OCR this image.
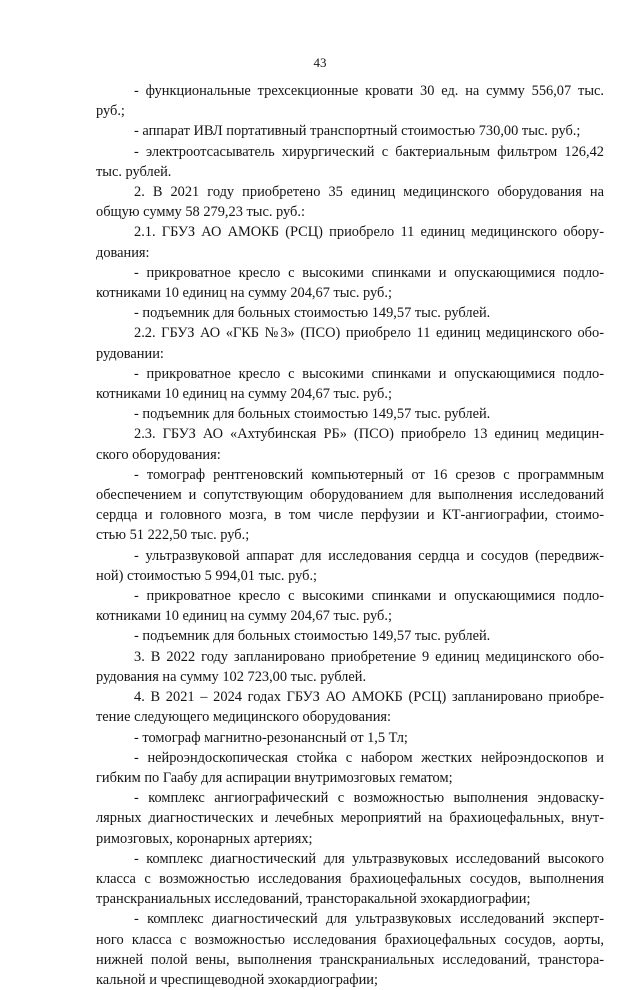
43

- функциональные трехсекционные кровати 30 ед. на сумму 556,07 тыс.
руб.;

- аппарат ИВЛ портативный транспортный стоимостью 730,00 тыс. руб.;

- электроотсасыватель хирургический с бактериальным фильтром 126,42
тыс. рублей.

2. В 2021 году приобретено 35 единиц медицинского оборудования на
общую сумму 58 279,23 тыс. руб.:

2.1. ГБУЗ АО АМОКБ (РСЦ) приобрело 11 единиц медицинского обору-
дования:

- прикроватное кресло с высокими спинками и опускающимися подло-
котниками 10 единиц на сумму 204,67 тыс. руб.;

- подъемник для больных стоимостью 149,57 тыс. рублей.

2.2. ГБУЗ АО «ГКБ №3» (ПСО) приобрело 11 единиц медицинского обо-
рудовании:

- прикроватное кресло с высокими спинками и опускающимися подло-
котниками 10 единиц на сумму 204,67 тыс. руб.;

- подъемник для больных стоимостью 149,57 тыс. рублей.

2.3. ГБУЗ АО «Ахтубинская РБ» (ПСО) приобрело 13 единиц медицин-
ского оборудования:

- томограф рентгеновский компьютерный от 16 срезов с программным
обеспечением и сопутствующим оборудованием для выполнения исследований
сердца и головного мозга, в том числе перфузии и КТ-ангиографии, стоимо-
стью 51 222,50 тыс. руб.;

- ультразвуковой аппарат для исследования сердца и сосудов (передвиж-
ной) стоимостью 5 994,01 тыс. руб.;

- прикроватное кресло с высокими спинками и опускающимися подло-
котниками 10 единиц на сумму 204,67 тыс. руб.;

- подъемник для больных стоимостью 149,57 тыс. рублей.

3. В 2022 году запланировано приобретение 9 единиц медицинского обо-
рудования на сумму 102 723,00 тыс. рублей.

4. В 2021 – 2024 годах ГБУЗ АО АМОКБ (РСЦ) запланировано приобре-
тение следующего медицинского оборудования:

- томограф магнитно-резонансный от 1,5 Тл;

- нейроэндоскопическая стойка с набором жестких нейроэндоскопов и
гибким по Гаабу для аспирации внутримозговых гематом;

- комплекс ангиографический с возможностью выполнения эндоваску-
лярных диагностических и лечебных мероприятий на брахиоцефальных, внут-
римозговых, коронарных артериях;

- комплекс диагностический для ультразвуковых исследований высокого
класса с возможностью исследования брахиоцефальных сосудов, выполнения
транскраниальных исследований, трансторакальной эхокардиографии;

- комплекс диагностический для ультразвуковых исследований эксперт-
ного класса с возможностью исследования брахиоцефальных сосудов, аорты,
нижней полой вены, выполнения транскраниальных исследований, транстора-
кальной и чреспищеводной эхокардиографии;
